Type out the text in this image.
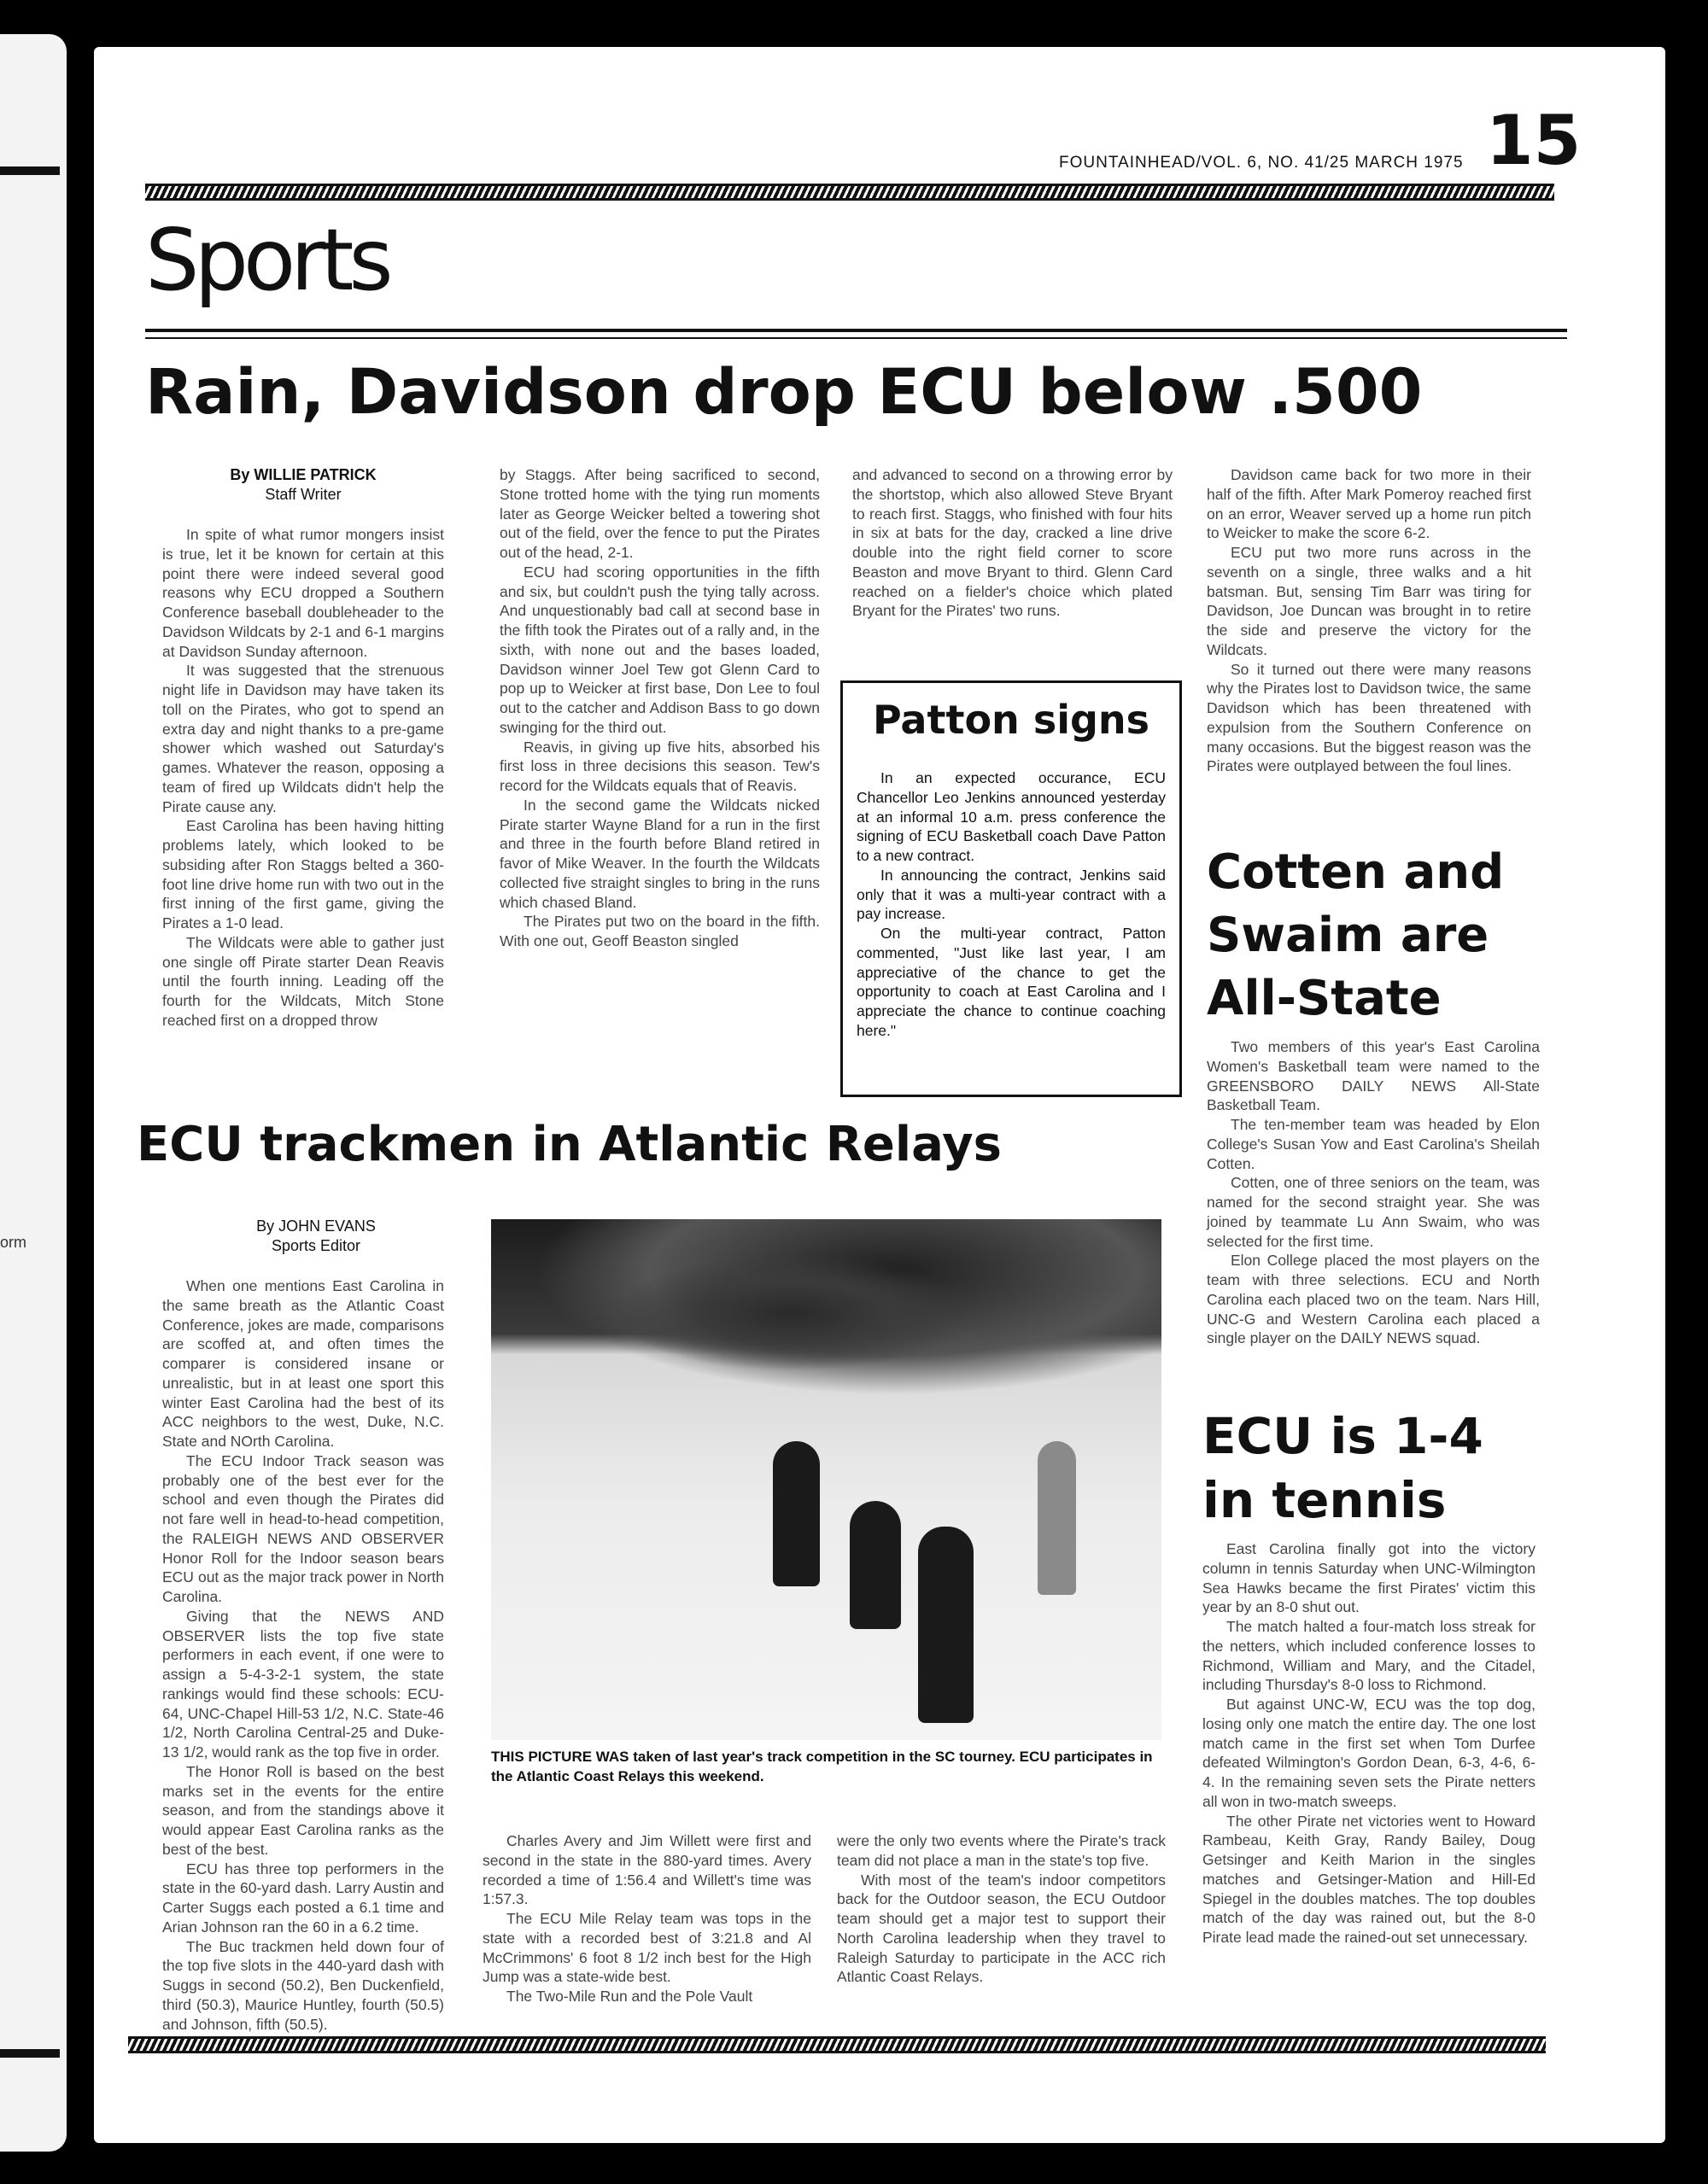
orm
FOUNTAINHEAD/VOL. 6, NO. 41/25 MARCH 1975 15
Sports
Rain, Davidson drop ECU below .500
By WILLIE PATRICK
Staff Writer

In spite of what rumor mongers insist is true, let it be known for certain at this point there were indeed several good reasons why ECU dropped a Southern Conference baseball doubleheader to the Davidson Wildcats by 2-1 and 6-1 margins at Davidson Sunday afternoon.

It was suggested that the strenuous night life in Davidson may have taken its toll on the Pirates, who got to spend an extra day and night thanks to a pre-game shower which washed out Saturday's games. Whatever the reason, opposing a team of fired up Wildcats didn't help the Pirate cause any.

East Carolina has been having hitting problems lately, which looked to be subsiding after Ron Staggs belted a 360-foot line drive home run with two out in the first inning of the first game, giving the Pirates a 1-0 lead.

The Wildcats were able to gather just one single off Pirate starter Dean Reavis until the fourth inning. Leading off the fourth for the Wildcats, Mitch Stone reached first on a dropped throw

by Staggs. After being sacrificed to second, Stone trotted home with the tying run moments later as George Weicker belted a towering shot out of the field, over the fence to put the Pirates out of the head, 2-1.

ECU had scoring opportunities in the fifth and six, but couldn't push the tying tally across. And unquestionably bad call at second base in the fifth took the Pirates out of a rally and, in the sixth, with none out and the bases loaded, Davidson winner Joel Tew got Glenn Card to pop up to Weicker at first base, Don Lee to foul out to the catcher and Addison Bass to go down swinging for the third out.

Reavis, in giving up five hits, absorbed his first loss in three decisions this season. Tew's record for the Wildcats equals that of Reavis.

In the second game the Wildcats nicked Pirate starter Wayne Bland for a run in the first and three in the fourth before Bland retired in favor of Mike Weaver. In the fourth the Wildcats collected five straight singles to bring in the runs which chased Bland.

The Pirates put two on the board in the fifth. With one out, Geoff Beaston singled

and advanced to second on a throwing error by the shortstop, which also allowed Steve Bryant to reach first. Staggs, who finished with four hits in six at bats for the day, cracked a line drive double into the right field corner to score Beaston and move Bryant to third. Glenn Card reached on a fielder's choice which plated Bryant for the Pirates' two runs.

Davidson came back for two more in their half of the fifth. After Mark Pomeroy reached first on an error, Weaver served up a home run pitch to Weicker to make the score 6-2.

ECU put two more runs across in the seventh on a single, three walks and a hit batsman. But, sensing Tim Barr was tiring for Davidson, Joe Duncan was brought in to retire the side and preserve the victory for the Wildcats.

So it turned out there were many reasons why the Pirates lost to Davidson twice, the same Davidson which has been threatened with expulsion from the Southern Conference on many occasions. But the biggest reason was the Pirates were outplayed between the foul lines.

Patton signs

In an expected occurance, ECU Chancellor Leo Jenkins announced yesterday at an informal 10 a.m. press conference the signing of ECU Basketball coach Dave Patton to a new contract.

In announcing the contract, Jenkins said only that it was a multi-year contract with a pay increase.

On the multi-year contract, Patton commented, "Just like last year, I am appreciative of the chance to get the opportunity to coach at East Carolina and I appreciate the chance to continue coaching here."

Cotten and
Swaim are
All-State

Two members of this year's East Carolina Women's Basketball team were named to the GREENSBORO DAILY NEWS All-State Basketball Team.

The ten-member team was headed by Elon College's Susan Yow and East Carolina's Sheilah Cotten.

Cotten, one of three seniors on the team, was named for the second straight year. She was joined by teammate Lu Ann Swaim, who was selected for the first time.

Elon College placed the most players on the team with three selections. ECU and North Carolina each placed two on the team. Nars Hill, UNC-G and Western Carolina each placed a single player on the DAILY NEWS squad.

ECU is 1-4
in tennis

East Carolina finally got into the victory column in tennis Saturday when UNC-Wilmington Sea Hawks became the first Pirates' victim this year by an 8-0 shut out.

The match halted a four-match loss streak for the netters, which included conference losses to Richmond, William and Mary, and the Citadel, including Thursday's 8-0 loss to Richmond.

But against UNC-W, ECU was the top dog, losing only one match the entire day. The one lost match came in the first set when Tom Durfee defeated Wilmington's Gordon Dean, 6-3, 4-6, 6-4. In the remaining seven sets the Pirate netters all won in two-match sweeps.

The other Pirate net victories went to Howard Rambeau, Keith Gray, Randy Bailey, Doug Getsinger and Keith Marion in the singles matches and Getsinger-Mation and Hill-Ed Spiegel in the doubles matches. The top doubles match of the day was rained out, but the 8-0 Pirate lead made the rained-out set unnecessary.

ECU trackmen in Atlantic Relays
By JOHN EVANS
Sports Editor

When one mentions East Carolina in the same breath as the Atlantic Coast Conference, jokes are made, comparisons are scoffed at, and often times the comparer is considered insane or unrealistic, but in at least one sport this winter East Carolina had the best of its ACC neighbors to the west, Duke, N.C. State and NOrth Carolina.

The ECU Indoor Track season was probably one of the best ever for the school and even though the Pirates did not fare well in head-to-head competition, the RALEIGH NEWS AND OBSERVER Honor Roll for the Indoor season bears ECU out as the major track power in North Carolina.

Giving that the NEWS AND OBSERVER lists the top five state performers in each event, if one were to assign a 5-4-3-2-1 system, the state rankings would find these schools: ECU-64, UNC-Chapel Hill-53 1/2, N.C. State-46 1/2, North Carolina Central-25 and Duke-13 1/2, would rank as the top five in order.

The Honor Roll is based on the best marks set in the events for the entire season, and from the standings above it would appear East Carolina ranks as the best of the best.

ECU has three top performers in the state in the 60-yard dash. Larry Austin and Carter Suggs each posted a 6.1 time and Arian Johnson ran the 60 in a 6.2 time.

The Buc trackmen held down four of the top five slots in the 440-yard dash with Suggs in second (50.2), Ben Duckenfield, third (50.3), Maurice Huntley, fourth (50.5) and Johnson, fifth (50.5).

THIS PICTURE WAS taken of last year's track competition in the SC tourney. ECU participates in the Atlantic Coast Relays this weekend.

Charles Avery and Jim Willett were first and second in the state in the 880-yard times. Avery recorded a time of 1:56.4 and Willett's time was 1:57.3.

The ECU Mile Relay team was tops in the state with a recorded best of 3:21.8 and Al McCrimmons' 6 foot 8 1/2 inch best for the High Jump was a state-wide best.

The Two-Mile Run and the Pole Vault

were the only two events where the Pirate's track team did not place a man in the state's top five.

With most of the team's indoor competitors back for the Outdoor season, the ECU Outdoor team should get a major test to support their North Carolina leadership when they travel to Raleigh Saturday to participate in the ACC rich Atlantic Coast Relays.
